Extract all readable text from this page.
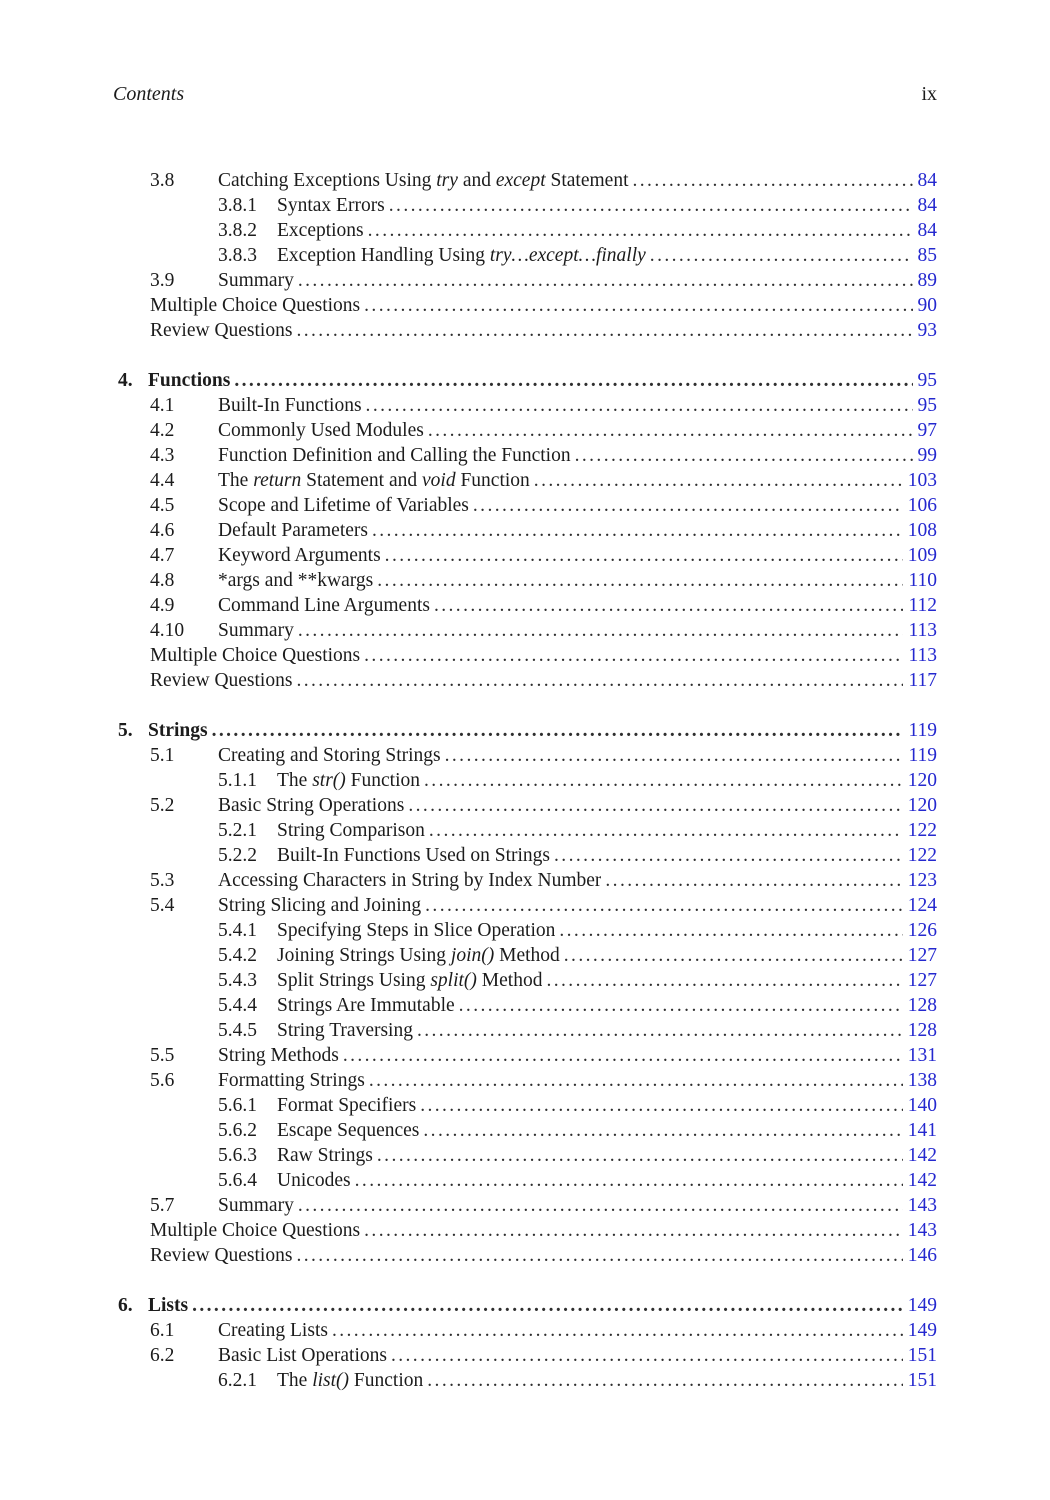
Contents	ix
3.8	Catching Exceptions Using try and except Statement .....	84
3.8.1	Syntax Errors .....	84
3.8.2	Exceptions .....	84
3.8.3	Exception Handling Using try…except…finally .....	85
3.9	Summary .....	89
Multiple Choice Questions .....	90
Review Questions .....	93
4. Functions .....	95
4.1	Built-In Functions .....	95
4.2	Commonly Used Modules .....	97
4.3	Function Definition and Calling the Function .....	99
4.4	The return Statement and void Function .....	103
4.5	Scope and Lifetime of Variables .....	106
4.6	Default Parameters .....	108
4.7	Keyword Arguments .....	109
4.8	*args and **kwargs .....	110
4.9	Command Line Arguments .....	112
4.10	Summary .....	113
Multiple Choice Questions .....	113
Review Questions .....	117
5. Strings .....	119
5.1	Creating and Storing Strings .....	119
5.1.1	The str() Function .....	120
5.2	Basic String Operations .....	120
5.2.1	String Comparison .....	122
5.2.2	Built-In Functions Used on Strings .....	122
5.3	Accessing Characters in String by Index Number .....	123
5.4	String Slicing and Joining .....	124
5.4.1	Specifying Steps in Slice Operation .....	126
5.4.2	Joining Strings Using join() Method .....	127
5.4.3	Split Strings Using split() Method .....	127
5.4.4	Strings Are Immutable .....	128
5.4.5	String Traversing .....	128
5.5	String Methods .....	131
5.6	Formatting Strings .....	138
5.6.1	Format Specifiers .....	140
5.6.2	Escape Sequences .....	141
5.6.3	Raw Strings .....	142
5.6.4	Unicodes .....	142
5.7	Summary .....	143
Multiple Choice Questions .....	143
Review Questions .....	146
6. Lists .....	149
6.1	Creating Lists .....	149
6.2	Basic List Operations .....	151
6.2.1	The list() Function .....	151
